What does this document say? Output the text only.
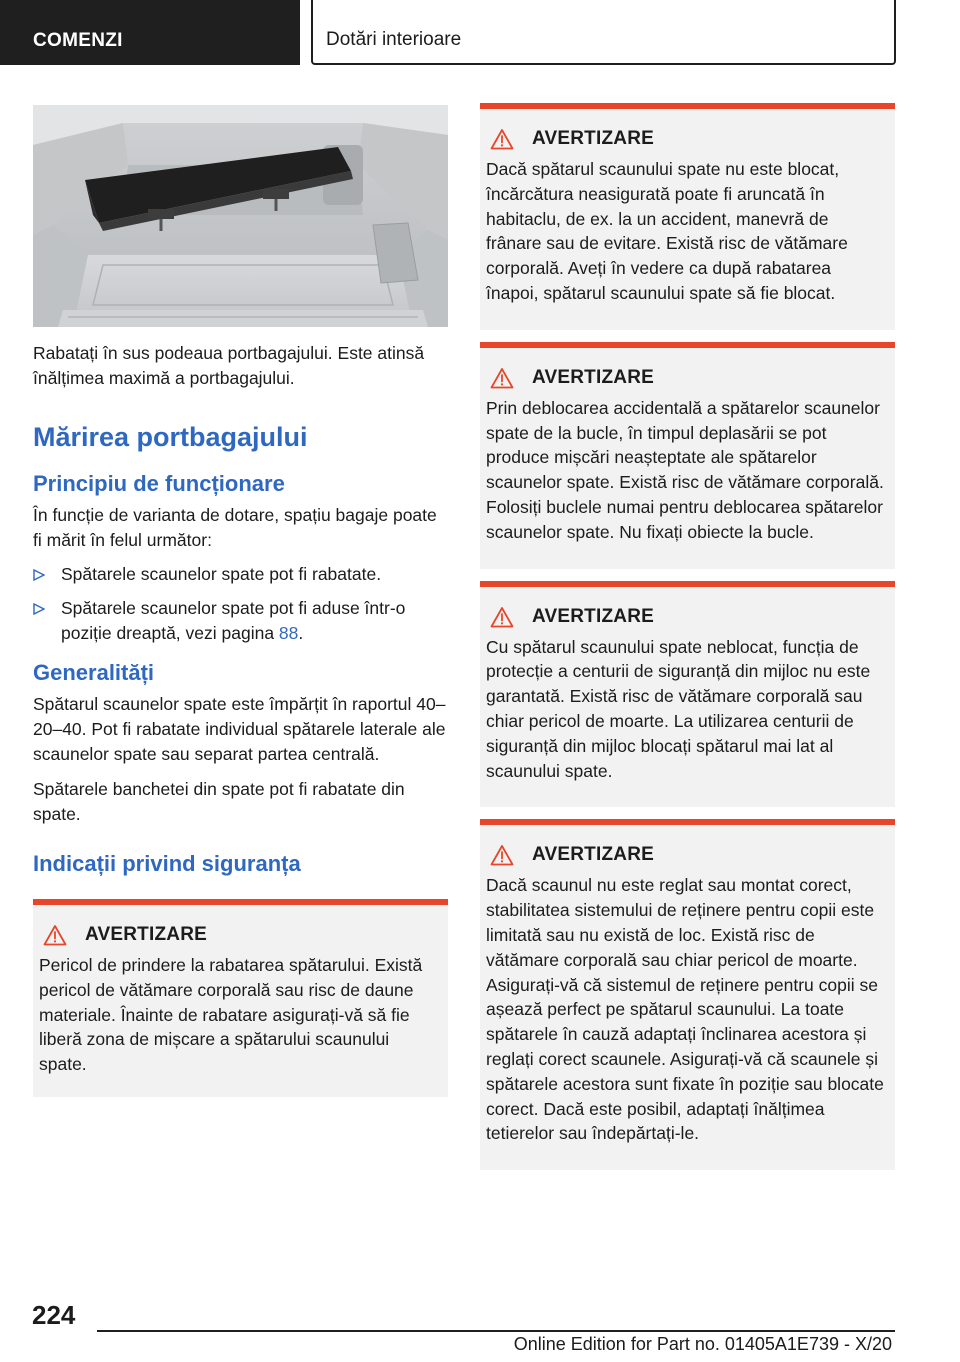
COMENZI	Dotări interioare

Rabatați în sus podeaua portbagajului. Este atinsă înălțimea maximă a portbagajului.

Mărirea portbagajului
Principiu de funcționare

În funcție de varianta de dotare, spațiu bagaje poate fi mărit în felul următor:

Spătarele scaunelor spate pot fi rabatate.
Spătarele scaunelor spate pot fi aduse într-o poziție dreaptă, vezi pagina 88.
Generalități

Spătarul scaunelor spate este împărțit în raportul 40–20–40. Pot fi rabatate individual spătarele laterale ale scaunelor spate sau separat partea centrală.

Spătarele banchetei din spate pot fi rabatate din spate.

Indicații privind siguranța
AVERTIZARE

Pericol de prindere la rabatarea spătarului. Există pericol de vătămare corporală sau risc de daune materiale. Înainte de rabatare asigurați-vă să fie liberă zona de mișcare a spătarului scaunului spate.

AVERTIZARE

Dacă spătarul scaunului spate nu este blocat, încărcătura neasigurată poate fi aruncată în habitaclu, de ex. la un accident, manevră de frânare sau de evitare. Există risc de vătămare corporală. Aveți în vedere ca după rabatarea înapoi, spătarul scaunului spate să fie blocat.

AVERTIZARE

Prin deblocarea accidentală a spătarelor scaunelor spate de la bucle, în timpul deplasării se pot produce mișcări neașteptate ale spătarelor scaunelor spate. Există risc de vătămare corporală. Folosiți buclele numai pentru deblocarea spătarelor scaunelor spate. Nu fixați obiecte la bucle.

AVERTIZARE

Cu spătarul scaunului spate neblocat, funcția de protecție a centurii de siguranță din mijloc nu este garantată. Există risc de vătămare corporală sau chiar pericol de moarte. La utilizarea centurii de siguranță din mijloc blocați spătarul mai lat al scaunului spate.

AVERTIZARE

Dacă scaunul nu este reglat sau montat corect, stabilitatea sistemului de reținere pentru copii este limitată sau nu există de loc. Există risc de vătămare corporală sau chiar pericol de moarte. Asigurați-vă că sistemul de reținere pentru copii se așează perfect pe spătarul scaunului. La toate spătarele în cauză adaptați înclinarea acestora și reglați corect scaunele. Asigurați-vă că scaunele și spătarele acestora sunt fixate în poziție sau blocate corect. Dacă este posibil, adaptați înălțimea tetierelor sau îndepărtați-le.

224
Online Edition for Part no. 01405A1E739 - X/20
